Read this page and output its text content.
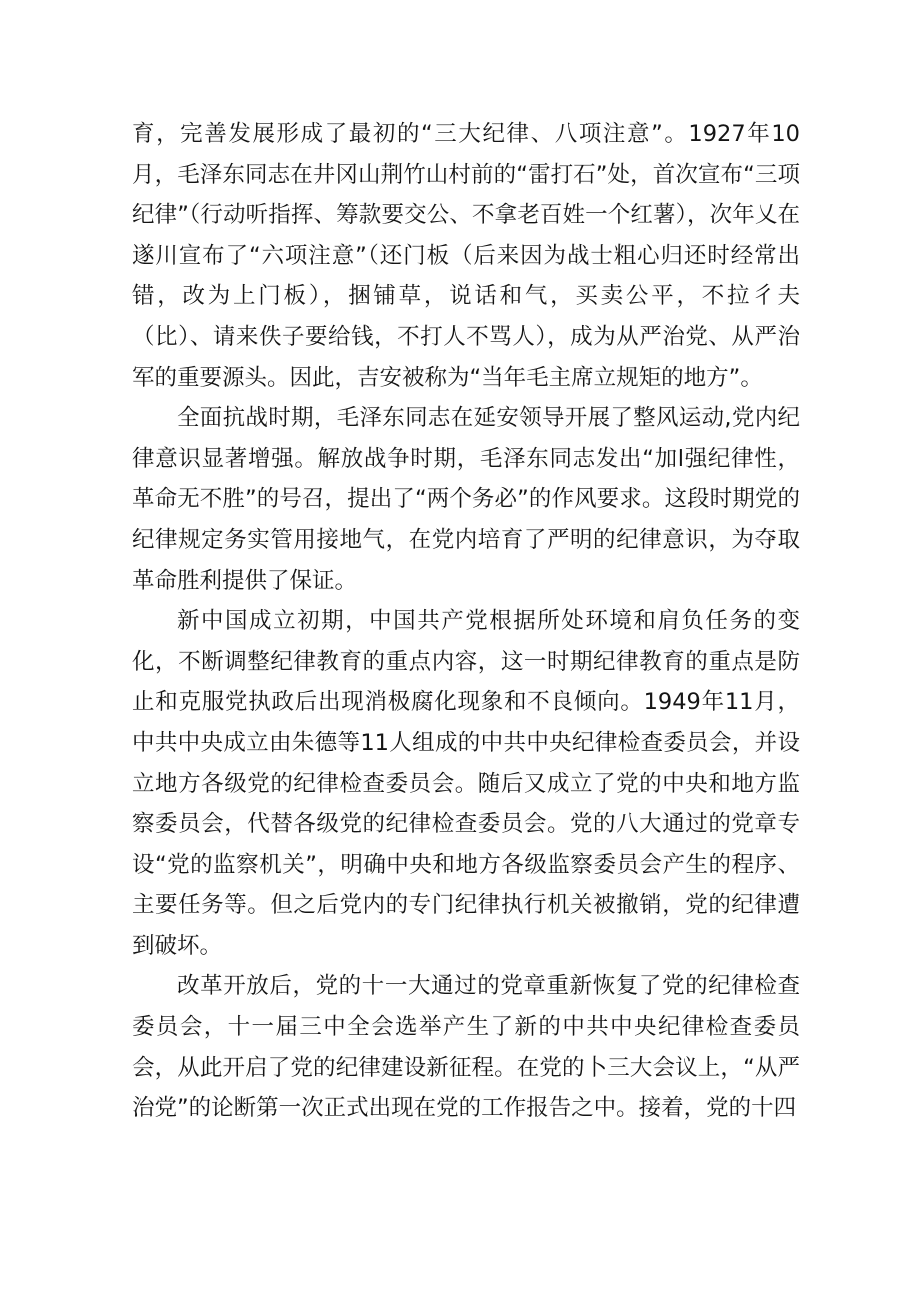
育，完善发展形成了最初的“三大纪律、八项注意”。1927年10月，毛泽东同志在井冈山荆竹山村前的“雷打石”处，首次宣布“三项纪律”（行动听指挥、筹款要交公、不拿老百姓一个红薯），次年乂在遂川宣布了“六项注意”（还门板（后来因为战士粗心归还时经常出错，改为上门板），捆铺草，说话和气，买卖公平，不拉彳夫（比）、请来佚子要给钱，不打人不骂人），成为从严治党、从严治军的重要源头。因此，吉安被称为“当年毛主席立规矩的地方”。

全面抗战时期，毛泽东同志在延安领导开展了整风运动,党内纪律意识显著增强。解放战争时期，毛泽东同志发出“加l强纪律性，革命无不胜”的号召，提出了“两个务必”的作风要求。这段时期党的纪律规定务实管用接地气，在党内培育了严明的纪律意识，为夺取革命胜利提供了保证。

新中国成立初期，中国共产党根据所处环境和肩负任务的变化，不断调整纪律教育的重点内容，这一时期纪律教育的重点是防止和克服党执政后出现消极腐化现象和不良倾向。1949年11月，中共中央成立由朱德等11人组成的中共中央纪律检查委员会，并设立地方各级党的纪律检查委员会。随后又成立了党的中央和地方监察委员会，代替各级党的纪律检查委员会。党的八大通过的党章专设“党的监察机关”，明确中央和地方各级监察委员会产生的程序、主要任务等。但之后党内的专门纪律执行机关被撤销，党的纪律遭到破坏。

改革开放后，党的十一大通过的党章重新恢复了党的纪律检查委员会，十一届三中全会选举产生了新的中共中央纪律检查委员会，从此开启了党的纪律建设新征程。在党的卜三大会议上，“从严治党”的论断第一次正式出现在党的工作报告之中。接着，党的十四
